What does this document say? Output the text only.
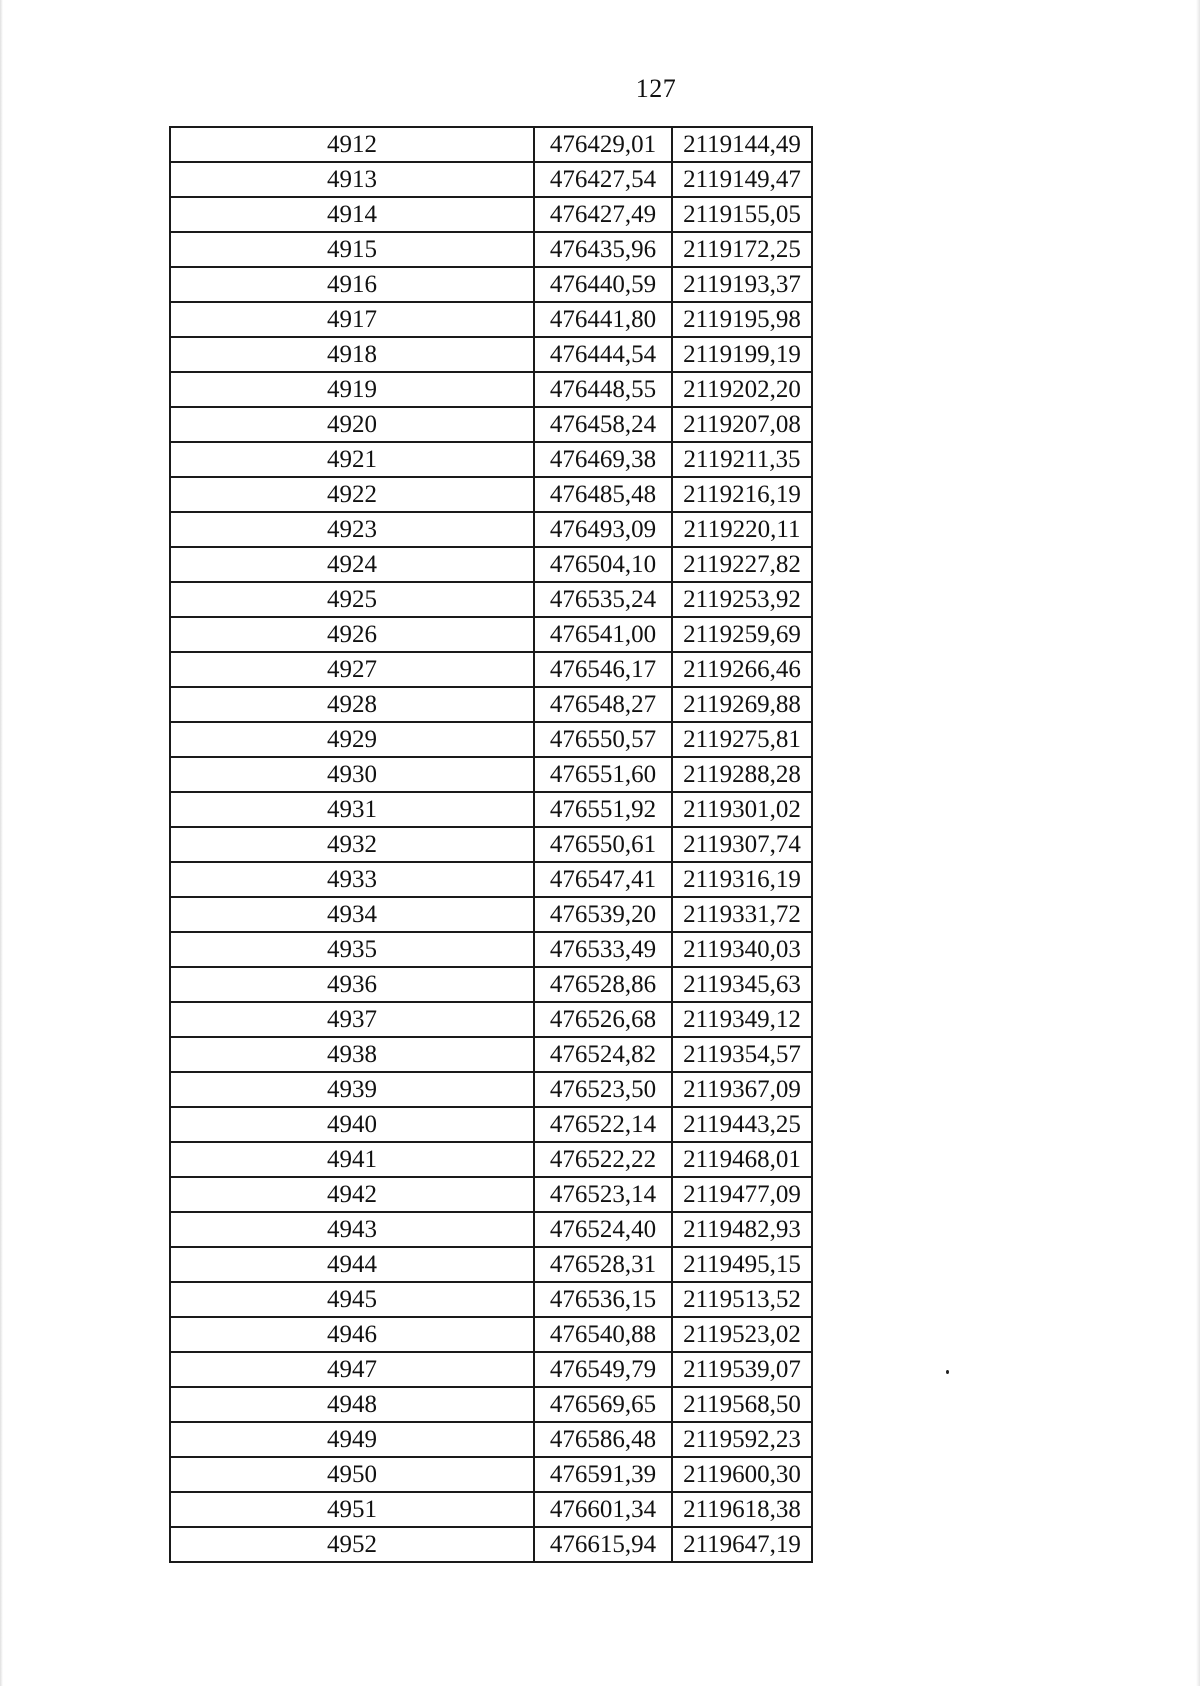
127
4912	476429,01	2119144,49
4913	476427,54	2119149,47
4914	476427,49	2119155,05
4915	476435,96	2119172,25
4916	476440,59	2119193,37
4917	476441,80	2119195,98
4918	476444,54	2119199,19
4919	476448,55	2119202,20
4920	476458,24	2119207,08
4921	476469,38	2119211,35
4922	476485,48	2119216,19
4923	476493,09	2119220,11
4924	476504,10	2119227,82
4925	476535,24	2119253,92
4926	476541,00	2119259,69
4927	476546,17	2119266,46
4928	476548,27	2119269,88
4929	476550,57	2119275,81
4930	476551,60	2119288,28
4931	476551,92	2119301,02
4932	476550,61	2119307,74
4933	476547,41	2119316,19
4934	476539,20	2119331,72
4935	476533,49	2119340,03
4936	476528,86	2119345,63
4937	476526,68	2119349,12
4938	476524,82	2119354,57
4939	476523,50	2119367,09
4940	476522,14	2119443,25
4941	476522,22	2119468,01
4942	476523,14	2119477,09
4943	476524,40	2119482,93
4944	476528,31	2119495,15
4945	476536,15	2119513,52
4946	476540,88	2119523,02
4947	476549,79	2119539,07
4948	476569,65	2119568,50
4949	476586,48	2119592,23
4950	476591,39	2119600,30
4951	476601,34	2119618,38
4952	476615,94	2119647,19
